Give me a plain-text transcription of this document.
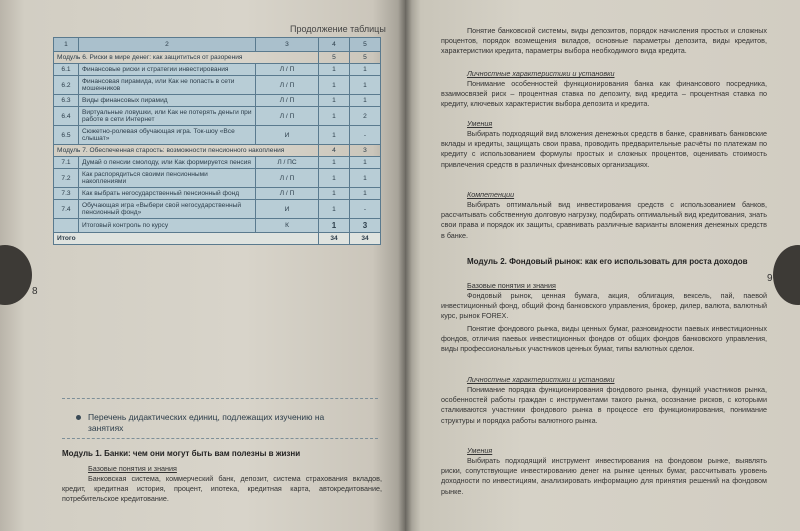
Продолжение таблицы
8
1	2	3	4	5
Модуль 6. Риски в мире денег: как защититься от разорения			5	5
6.1	Финансовые риски и стратегии инвестирования	Л / П	1	1
6.2	Финансовая пирамида, или Как не попасть в сети мошенников	Л / П	1	1
6.3	Виды финансовых пирамид	Л / П	1	1
6.4	Виртуальные ловушки, или Как не потерять деньги при работе в сети Интернет	Л / П	1	2
6.5	Сюжетно-ролевая обучающая игра. Ток-шоу «Все слышат»	И	1	-
Модуль 7. Обеспеченная старость: возможности пенсионного накопления			4	3
7.1	Думай о пенсии смолоду, или Как формируется пенсия	Л / ПС	1	1
7.2	Как распорядиться своими пенсионными накоплениями	Л / П	1	1
7.3	Как выбрать негосударственный пенсионный фонд	Л / П	1	1
7.4	Обучающая игра «Выбери свой негосударственный пенсионный фонд»	И	1	-
	Итоговый контроль по курсу	К	1	3
Итого			34	34
Перечень дидактических единиц, подлежащих изучению на занятиях
Модуль 1. Банки: чем они могут быть вам полезны в жизни
Базовые понятия и знания
Банковская система, коммерческий банк, депозит, система страхования вкладов, кредит, кредитная история, процент, ипотека, кредитная карта, автокредитование, потребительское кредитование.
9
Понятие банковской системы, виды депозитов, порядок начисления простых и сложных процентов, порядок возмещения вкладов, основные параметры депозита, виды кредитов, характеристики кредита, параметры выбора необходимого вида кредита.
Личностные характеристики и установки
Понимание особенностей функционирования банка как финансового посредника, взаимосвязей риск – процентная ставка по депозиту, вид кредита – процентная ставка по кредиту, ключевых характеристик выбора депозита и кредита.
Умения
Выбирать подходящий вид вложения денежных средств в банке, сравнивать банковские вклады и кредиты, защищать свои права, проводить предварительные расчёты по платежам по кредиту с использованием формулы простых и сложных процентов, оценивать стоимость привлечения средств в различных финансовых организациях.
Компетенции
Выбирать оптимальный вид инвестирования средств с использованием банков, рассчитывать собственную долговую нагрузку, подбирать оптимальный вид кредитования, знать свои права и порядок их защиты, сравнивать различные варианты вложения денежных средств в банке.
Модуль 2. Фондовый рынок: как его использовать для роста доходов
Базовые понятия и знания
Фондовый рынок, ценная бумага, акция, облигация, вексель, пай, паевой инвестиционный фонд, общий фонд банковского управления, брокер, дилер, валюта, валютный курс, рынок FOREX.
Понятие фондового рынка, виды ценных бумаг, разновидности паевых инвестиционных фондов, отличия паевых инвестиционных фондов от общих фондов банковского управления, виды профессиональных участников ценных бумаг, типы валютных сделок.
Личностные характеристики и установки
Понимание порядка функционирования фондового рынка, функций участников рынка, особенностей работы граждан с инструментами такого рынка, осознание рисков, с которыми сталкиваются участники фондового рынка в процессе его функционирования, понимание структуры и порядка работы валютного рынка.
Умения
Выбирать подходящий инструмент инвестирования на фондовом рынке, выявлять риски, сопутствующие инвестированию денег на рынке ценных бумаг, рассчитывать уровень доходности по инвестициям, анализировать информацию для принятия решений на фондовом рынке.
